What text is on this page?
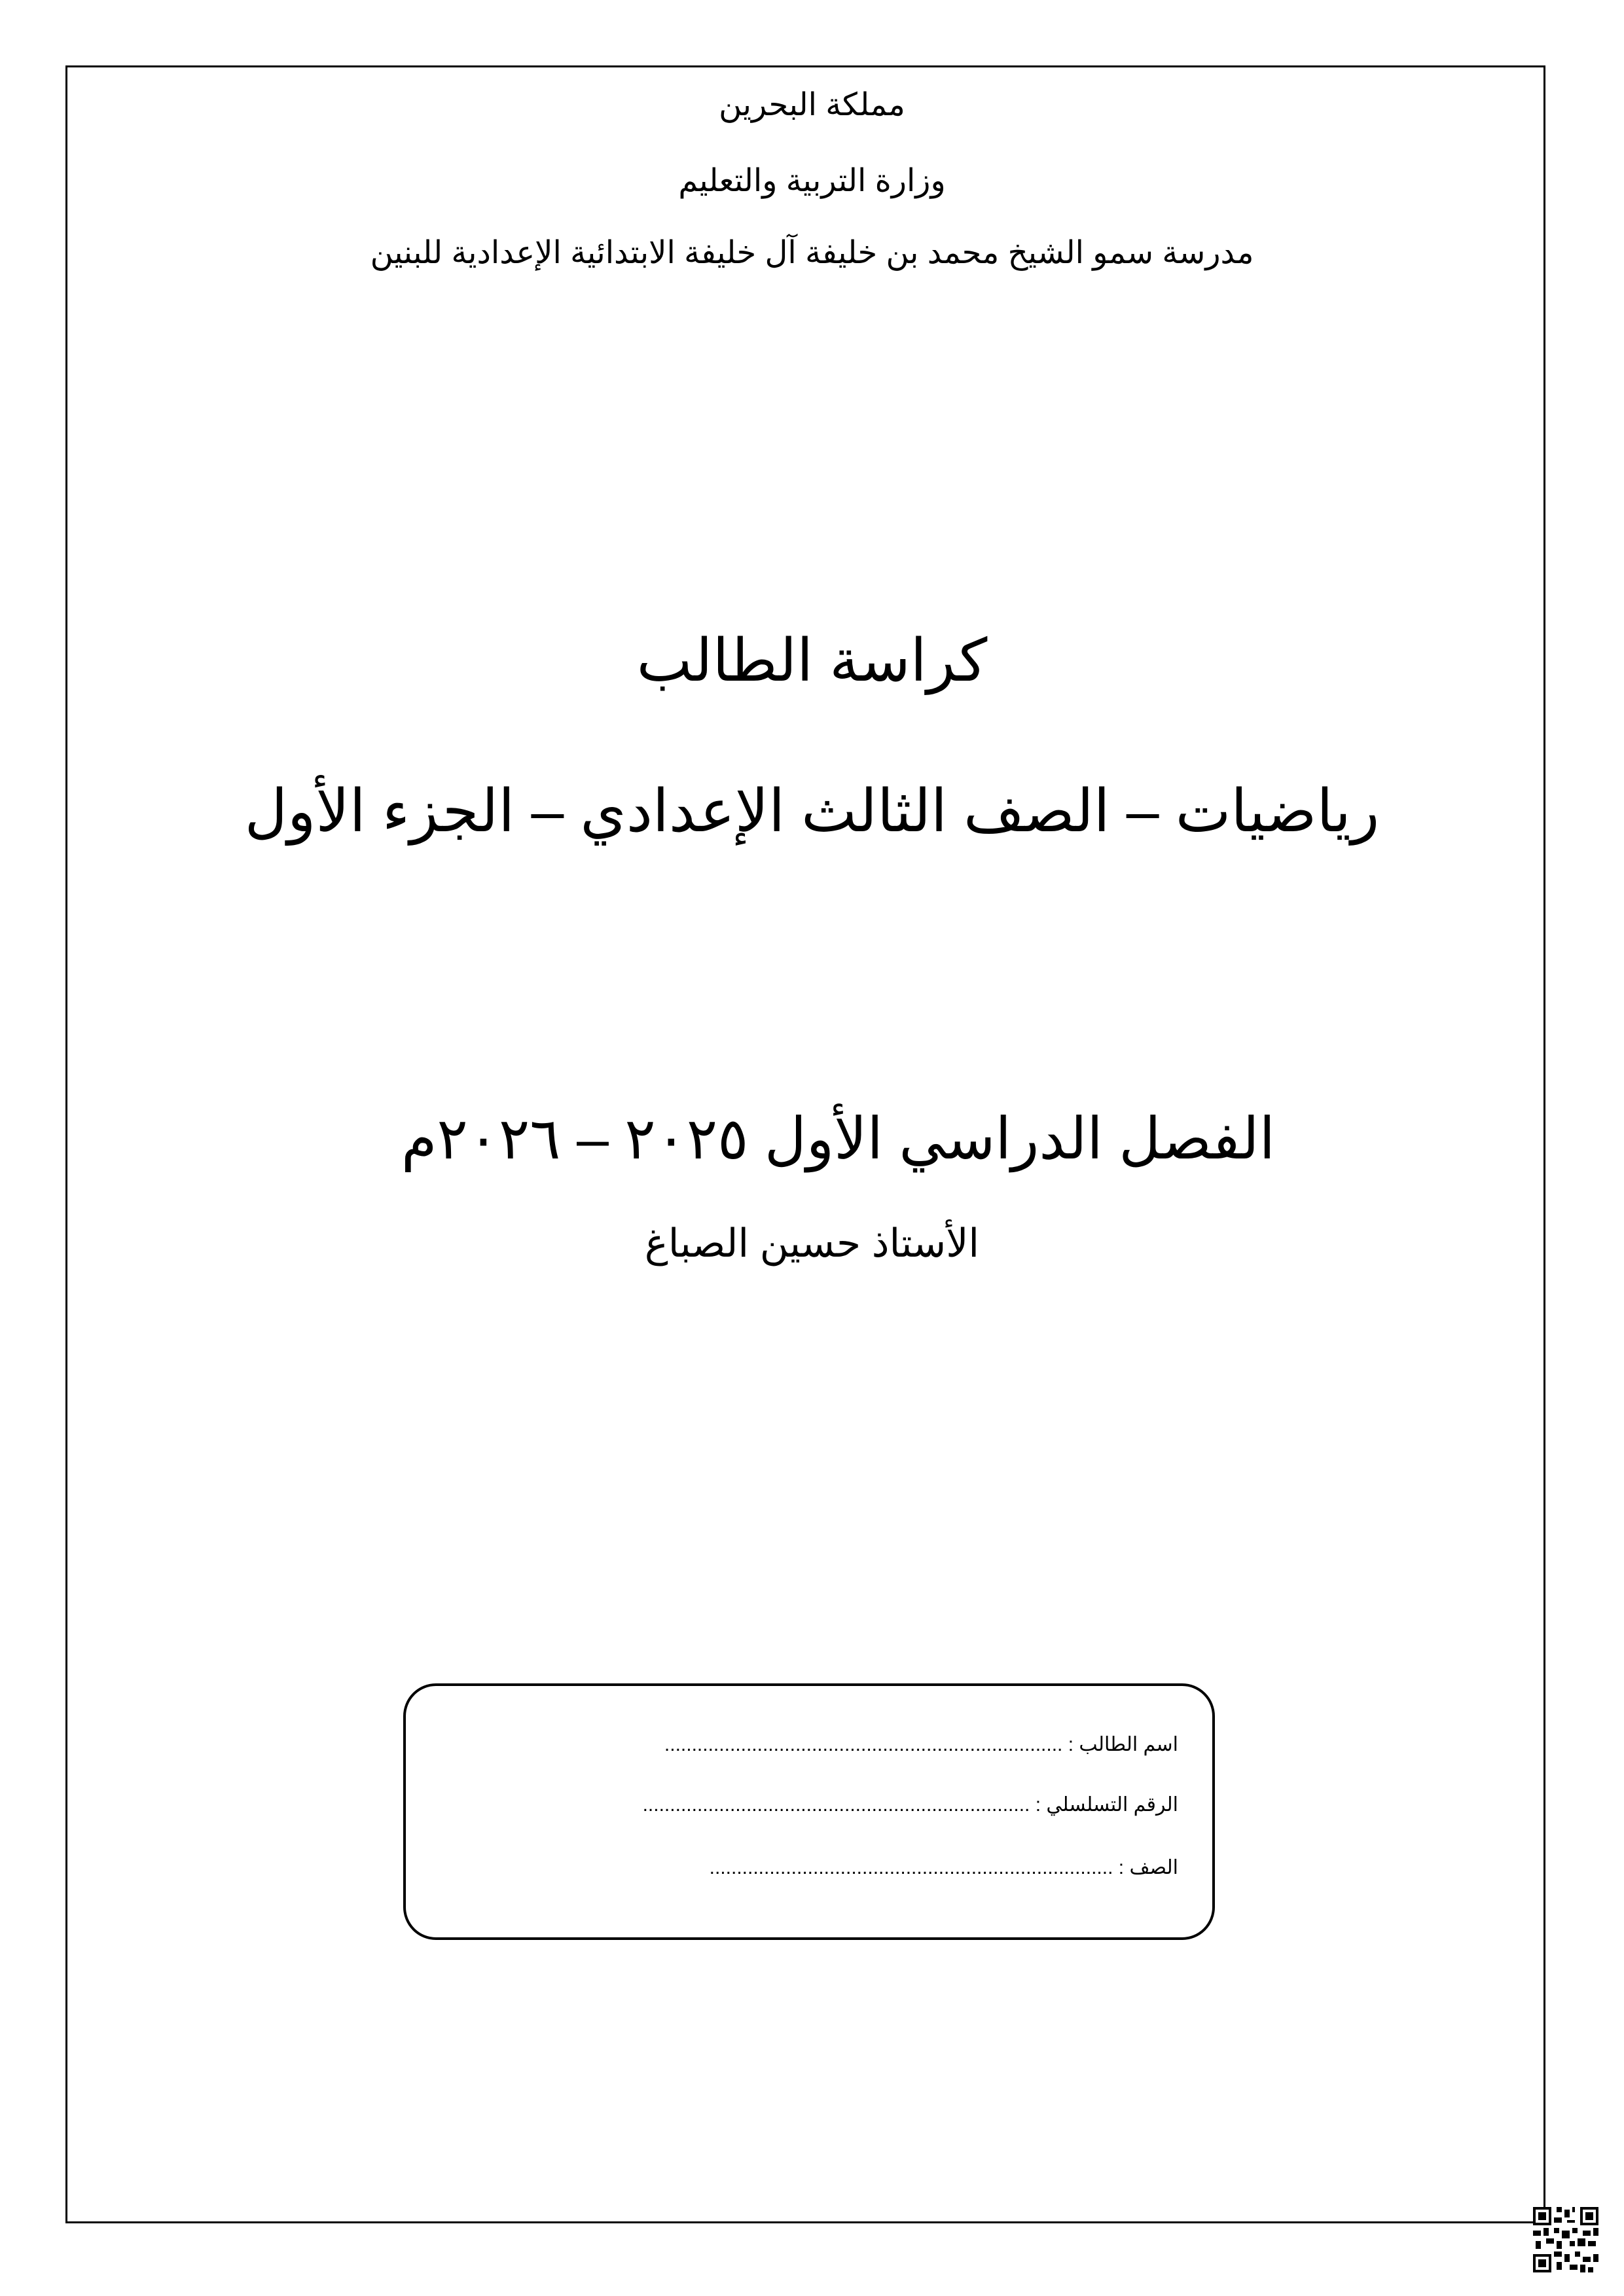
مملكة البحرين
وزارة التربية والتعليم
مدرسة سمو الشيخ محمد بن خليفة آل خليفة الابتدائية الإعدادية للبنين
كراسة الطالب
رياضيات – الصف الثالث الإعدادي – الجزء الأول
الفصل الدراسي الأول ٢٠٢٥ – ٢٠٢٦م
الأستاذ حسين الصباغ
اسم الطالب : .........................................................................
الرقم التسلسلي : .......................................................................
الصف : ..........................................................................
